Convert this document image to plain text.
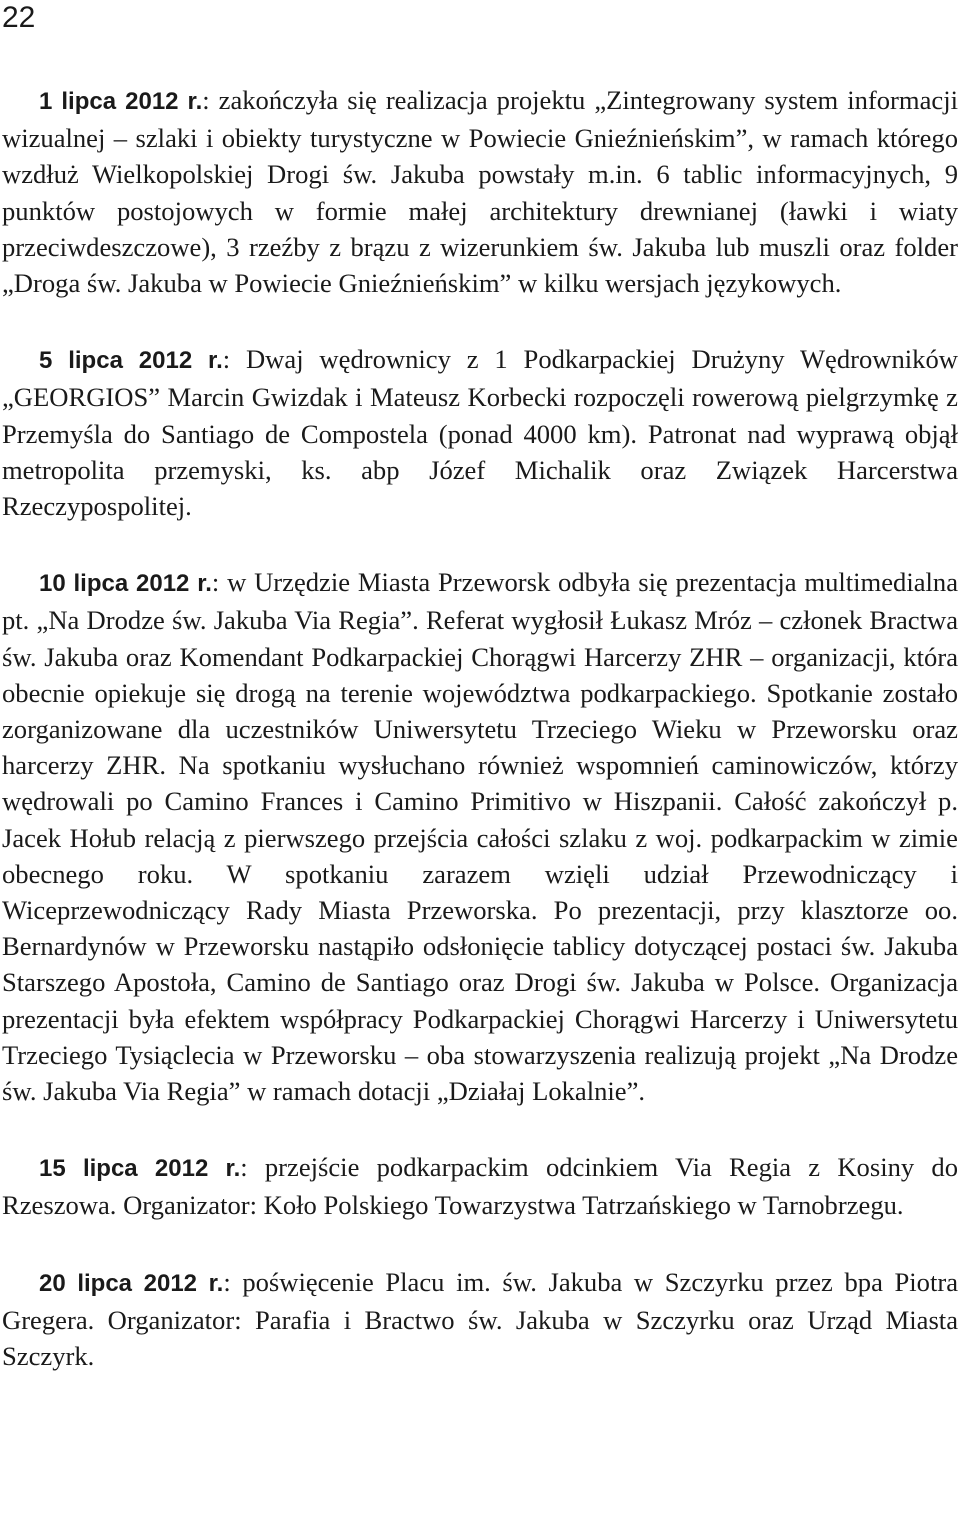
22

1 lipca 2012 r.: zakończyła się realizacja projektu „Zintegrowany system informacji wizualnej – szlaki i obiekty turystyczne w Powiecie Gnieźnieńskim”, w ramach którego wzdłuż Wielkopolskiej Drogi św. Jakuba powstały m.in. 6 tablic informacyjnych, 9 punktów postojowych w formie małej architektury drewnianej (ławki i wiaty przeciwdeszczowe), 3 rzeźby z brązu z wizerunkiem św. Jakuba lub muszli oraz folder „Droga św. Jakuba w Powiecie Gnieźnieńskim” w kilku wersjach językowych.

5 lipca 2012 r.: Dwaj wędrownicy z 1 Podkarpackiej Drużyny Wędrowników „GEORGIOS” Marcin Gwizdak i Mateusz Korbecki rozpoczęli rowerową pielgrzymkę z Przemyśla do Santiago de Compostela (ponad 4000 km). Patronat nad wyprawą objął metropolita przemyski, ks. abp Józef Michalik oraz Związek Harcerstwa Rzeczypospolitej.

10 lipca 2012 r.: w Urzędzie Miasta Przeworsk odbyła się prezentacja multimedialna pt. „Na Drodze św. Jakuba Via Regia”. Referat wygłosił Łukasz Mróz – członek Bractwa św. Jakuba oraz Komendant Podkarpackiej Chorągwi Harcerzy ZHR – organizacji, która obecnie opiekuje się drogą na terenie województwa podkarpackiego. Spotkanie zostało zorganizowane dla uczestników Uniwersytetu Trzeciego Wieku w Przeworsku oraz harcerzy ZHR. Na spotkaniu wysłuchano również wspomnień caminowiczów, którzy wędrowali po Camino Frances i Camino Primitivo w Hiszpanii. Całość zakończył p. Jacek Hołub relacją z pierwszego przejścia całości szlaku z woj. podkarpackim w zimie obecnego roku. W spotkaniu zarazem wzięli udział Przewodniczący i Wiceprzewodniczący Rady Miasta Przeworska. Po prezentacji, przy klasztorze oo. Bernardynów w Przeworsku nastąpiło odsłonięcie tablicy dotyczącej postaci św. Jakuba Starszego Apostoła, Camino de Santiago oraz Drogi św. Jakuba w Polsce. Organizacja prezentacji była efektem współpracy Podkarpackiej Chorągwi Harcerzy i Uniwersytetu Trzeciego Tysiąclecia w Przeworsku – oba stowarzyszenia realizują projekt „Na Drodze św. Jakuba Via Regia” w ramach dotacji „Działaj Lokalnie”.

15 lipca 2012 r.: przejście podkarpackim odcinkiem Via Regia z Kosiny do Rzeszowa. Organizator: Koło Polskiego Towarzystwa Tatrzańskiego w Tarnobrzegu.

20 lipca 2012 r.: poświęcenie Placu im. św. Jakuba w Szczyrku przez bpa Piotra Gregera. Organizator: Parafia i Bractwo św. Jakuba w Szczyrku oraz Urząd Miasta Szczyrk.
